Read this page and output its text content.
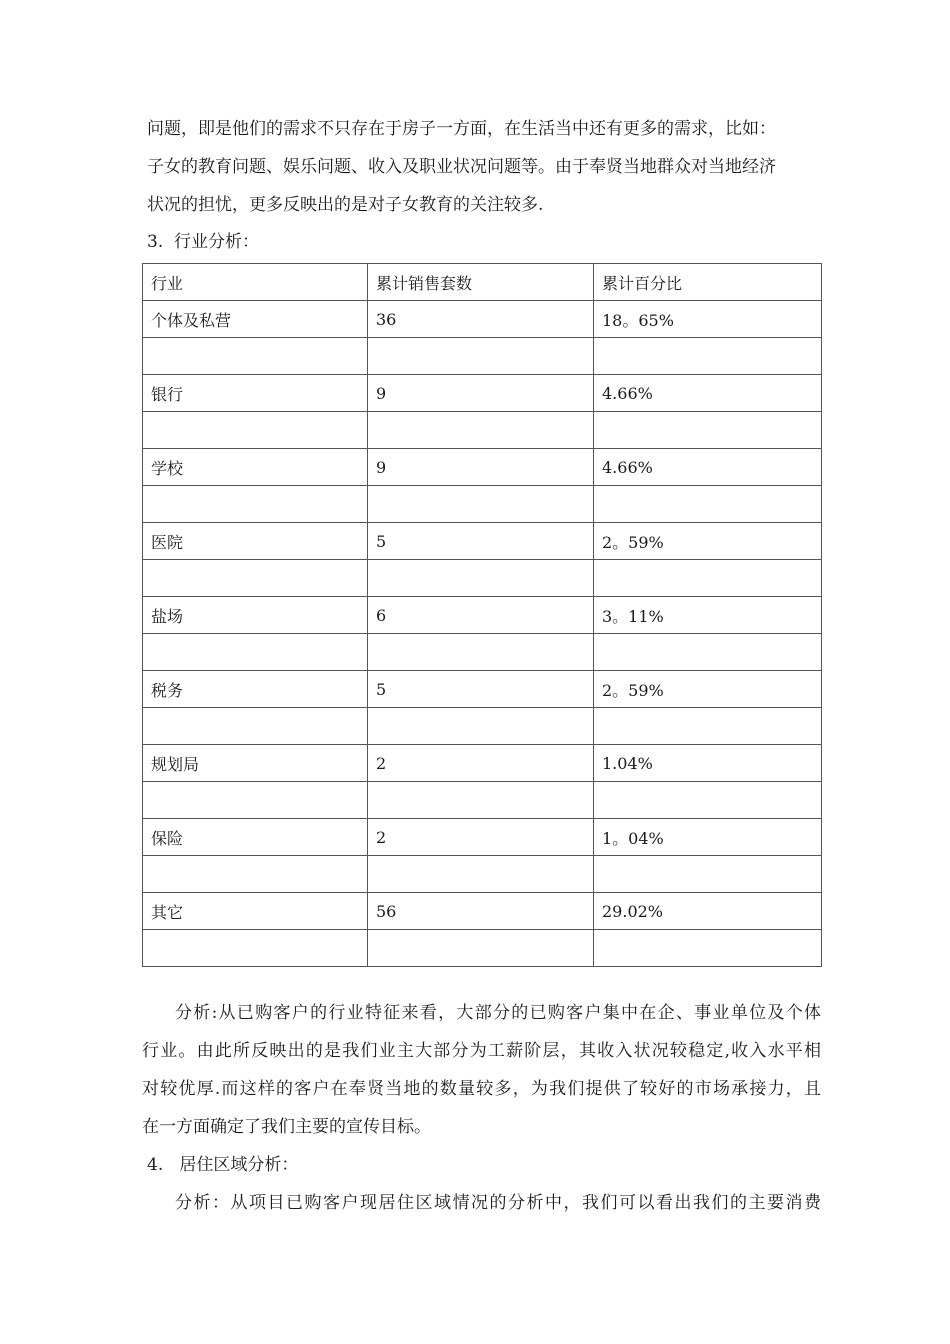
问题，即是他们的需求不只存在于房子一方面，在生活当中还有更多的需求，比如：
子女的教育问题、娱乐问题、收入及职业状况问题等。由于奉贤当地群众对当地经济
状况的担忧，更多反映出的是对子女教育的关注较多.
3.  行业分析：
行业	累计销售套数	累计百分比
个体及私营	36	18。65%

银行	9	4.66%

学校	9	4.66%

医院	5	2。59%

盐场	6	3。11%

税务	5	2。59%

规划局	2	1.04%

保险	2	1。04%

其它	56	29.02%

分析:从已购客户的行业特征来看，大部分的已购客户集中在企、事业单位及个体
行业。由此所反映出的是我们业主大部分为工薪阶层，其收入状况较稳定,收入水平相
对较优厚.而这样的客户在奉贤当地的数量较多，为我们提供了较好的市场承接力，且
在一方面确定了我们主要的宣传目标。
4.   居住区域分析：
分析：从项目已购客户现居住区域情况的分析中，我们可以看出我们的主要消费
